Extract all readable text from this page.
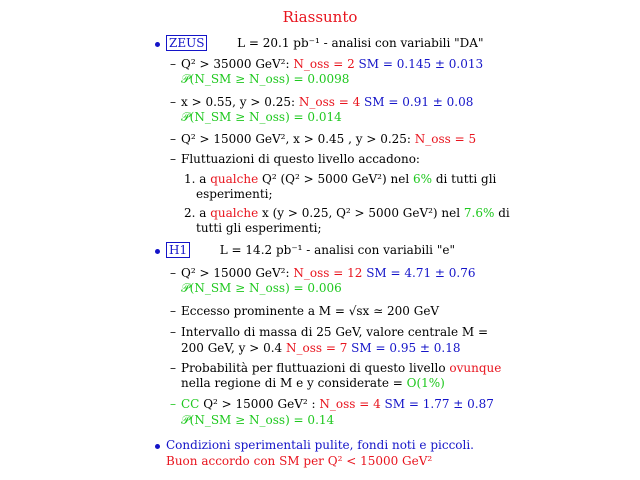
Riassunto
ZEUS	L = 20.1 pb⁻¹ - analisi con variabili "DA"
– Q² > 35000 GeV²: N_oss = 2 SM = 0.145 ± 0.013
𝒫(N_SM ≥ N_oss) = 0.0098
– x > 0.55, y > 0.25: N_oss = 4 SM = 0.91 ± 0.08
𝒫(N_SM ≥ N_oss) = 0.014
– Q² > 15000 GeV², x > 0.45 , y > 0.25: N_oss = 5
– Fluttuazioni di questo livello accadono:
1. a qualche Q² (Q² > 5000 GeV²) nel 6% di tutti gli
esperimenti;
2. a qualche x (y > 0.25, Q² > 5000 GeV²) nel 7.6% di
tutti gli esperimenti;
H1	L = 14.2 pb⁻¹ - analisi con variabili "e"
– Q² > 15000 GeV²: N_oss = 12 SM = 4.71 ± 0.76
𝒫(N_SM ≥ N_oss) = 0.006
– Eccesso prominente a M = √sx ≃ 200 GeV
– Intervallo di massa di 25 GeV, valore centrale M =
200 GeV, y > 0.4 N_oss = 7 SM = 0.95 ± 0.18
– Probabilità per fluttuazioni di questo livello ovunque
nella regione di M e y considerate = O(1%)
– CC Q² > 15000 GeV² : N_oss = 4 SM = 1.77 ± 0.87
𝒫(N_SM ≥ N_oss) = 0.14
Condizioni sperimentali pulite, fondi noti e piccoli.
Buon accordo con SM per Q² < 15000 GeV²
